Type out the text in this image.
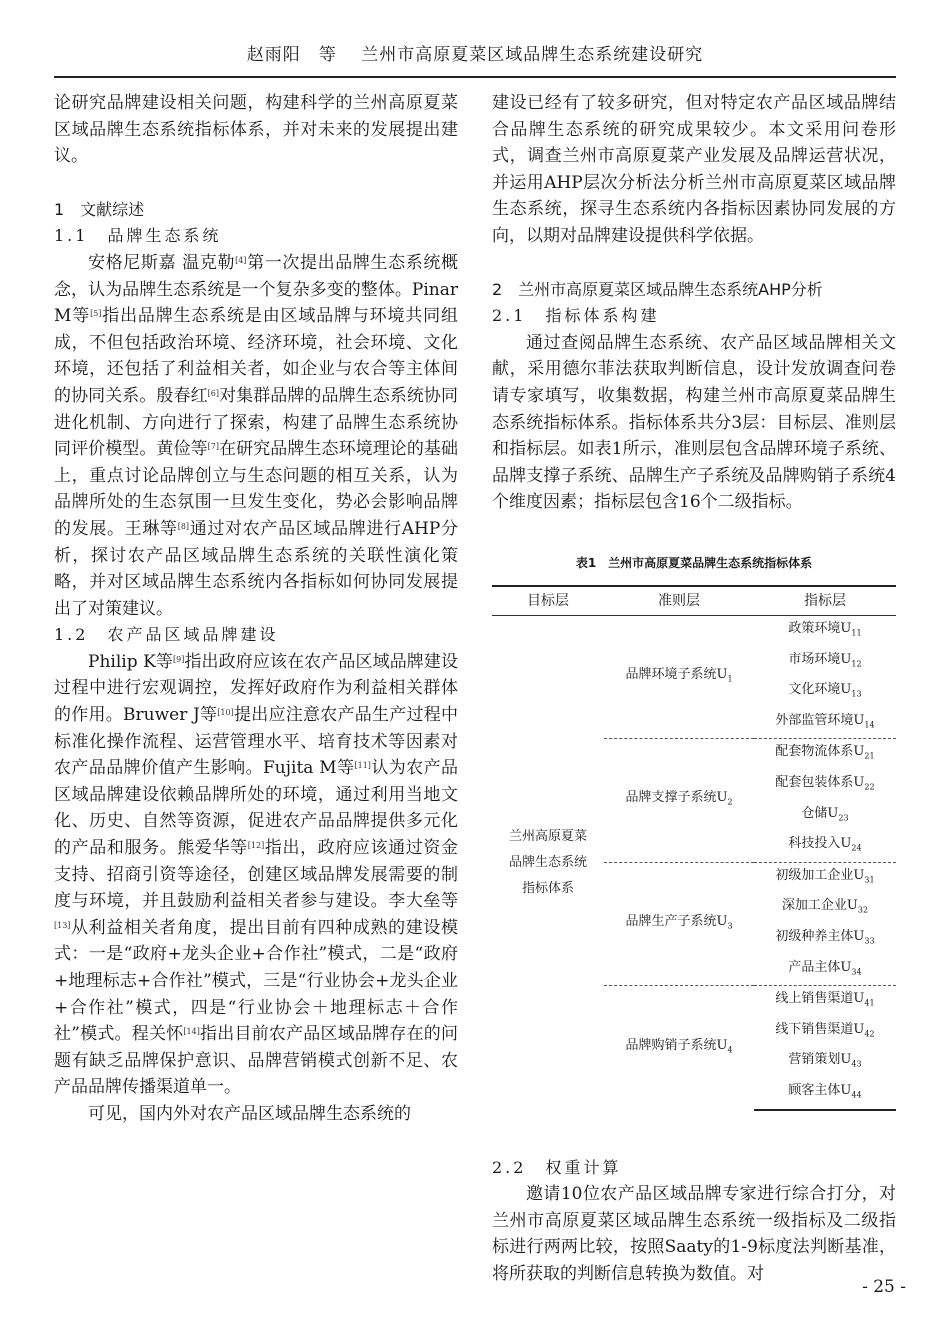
赵雨阳　等 兰州市高原夏菜区域品牌生态系统建设研究

论研究品牌建设相关问题，构建科学的兰州高原夏菜区域品牌生态系统指标体系，并对未来的发展提出建议。

1　文献综述
1.1　品牌生态系统

安格尼斯嘉 温克勒[4]第一次提出品牌生态系统概念，认为品牌生态系统是一个复杂多变的整体。Pinar M等[5]指出品牌生态系统是由区域品牌与环境共同组成，不但包括政治环境、经济环境，社会环境、文化环境，还包括了利益相关者，如企业与农合等主体间的协同关系。殷春红[6]对集群品牌的品牌生态系统协同进化机制、方向进行了探索，构建了品牌生态系统协同评价模型。黄俭等[7]在研究品牌生态环境理论的基础上，重点讨论品牌创立与生态问题的相互关系，认为品牌所处的生态氛围一旦发生变化，势必会影响品牌的发展。王琳等[8]通过对农产品区域品牌进行AHP分析，探讨农产品区域品牌生态系统的关联性演化策略，并对区域品牌生态系统内各指标如何协同发展提出了对策建议。

1.2　农产品区域品牌建设

Philip K等[9]指出政府应该在农产品区域品牌建设过程中进行宏观调控，发挥好政府作为利益相关群体的作用。Bruwer J等[10]提出应注意农产品生产过程中标准化操作流程、运营管理水平、培育技术等因素对农产品品牌价值产生影响。Fujita M等[11]认为农产品区域品牌建设依赖品牌所处的环境，通过利用当地文化、历史、自然等资源，促进农产品品牌提供多元化的产品和服务。熊爱华等[12]指出，政府应该通过资金支持、招商引资等途径，创建区域品牌发展需要的制度与环境，并且鼓励利益相关者参与建设。李大垒等[13]从利益相关者角度，提出目前有四种成熟的建设模式：一是“政府+龙头企业+合作社”模式，二是“政府+地理标志+合作社”模式，三是“行业协会+龙头企业+合作社”模式，四是“行业协会＋地理标志＋合作社”模式。程关怀[14]指出目前农产品区域品牌存在的问题有缺乏品牌保护意识、品牌营销模式创新不足、农产品品牌传播渠道单一。

可见，国内外对农产品区域品牌生态系统的

建设已经有了较多研究，但对特定农产品区域品牌结合品牌生态系统的研究成果较少。本文采用问卷形式，调查兰州市高原夏菜产业发展及品牌运营状况，并运用AHP层次分析法分析兰州市高原夏菜区域品牌生态系统，探寻生态系统内各指标因素协同发展的方向，以期对品牌建设提供科学依据。

2　兰州市高原夏菜区域品牌生态系统AHP分析
2.1　指标体系构建

通过查阅品牌生态系统、农产品区域品牌相关文献，采用德尔菲法获取判断信息，设计发放调查问卷请专家填写，收集数据，构建兰州市高原夏菜品牌生态系统指标体系。指标体系共分3层：目标层、准则层和指标层。如表1所示，准则层包含品牌环境子系统、品牌支撑子系统、品牌生产子系统及品牌购销子系统4个维度因素；指标层包含16个二级指标。

表1　兰州市高原夏菜品牌生态系统指标体系
目标层	准则层	指标层

兰州高原夏菜
品牌生态系统
指标体系	品牌环境子系统$U_1$	政策环境$U_{11}$
		市场环境$U_{12}$
		文化环境$U_{13}$
		外部监管环境$U_{14}$
	品牌支撑子系统$U_2$	配套物流体系$U_{21}$
		配套包装体系$U_{22}$
		仓储$U_{23}$
		科技投入$U_{24}$
	品牌生产子系统$U_3$	初级加工企业$U_{31}$
		深加工企业$U_{32}$
		初级种养主体$U_{33}$
		产品主体$U_{34}$
	品牌购销子系统$U_4$	线上销售渠道$U_{41}$
		线下销售渠道$U_{42}$
		营销策划$U_{43}$
		顾客主体$U_{44}$
2.2　权重计算

邀请10位农产品区域品牌专家进行综合打分，对兰州市高原夏菜区域品牌生态系统一级指标及二级指标进行两两比较，按照Saaty的1-9标度法判断基准，将所获取的判断信息转换为数值。对

- 25 -
